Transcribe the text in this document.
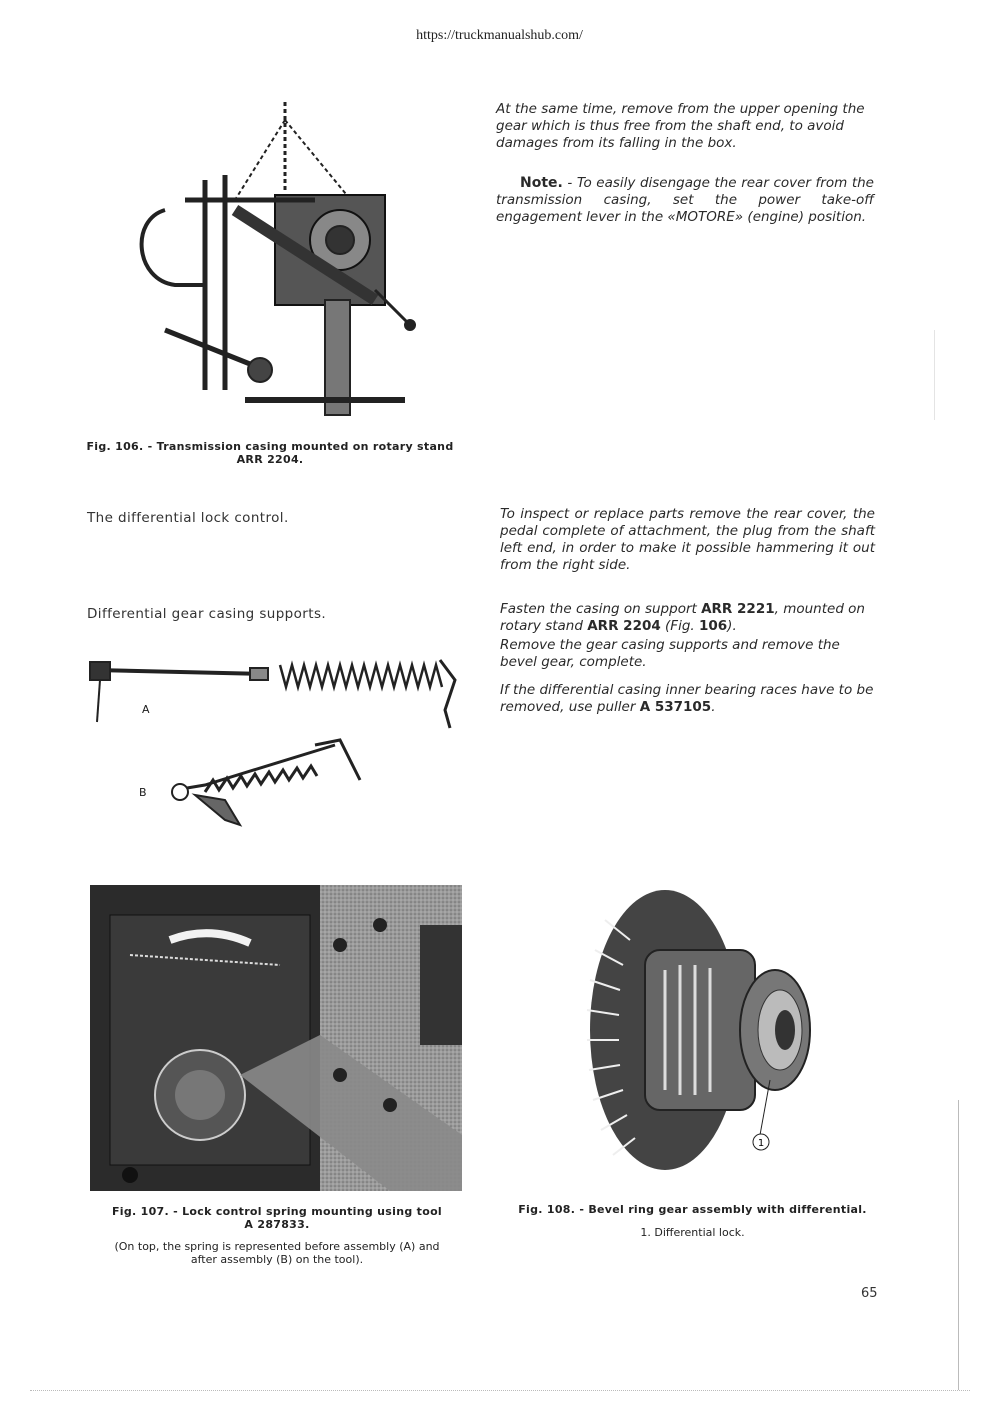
https://truckmanualshub.com/
Fig. 106. - Transmission casing mounted on rotary stand
ARR 2204.
At the same time, remove from the upper opening the gear which is thus free from the shaft end, to avoid damages from its falling in the box.
Note. - To easily disengage the rear cover from the transmission casing, set the power take-off engagement lever in the «MOTORE» (engine) position.
The differential lock control.	To inspect or replace parts remove the rear cover, the pedal complete of attachment, the plug from the shaft left end, in order to make it possible hammering it out from the right side.
Differential gear casing supports.	Fasten the casing on support ARR 2221, mounted on rotary stand ARR 2204 (Fig. 106).
Remove the gear casing supports and remove the bevel gear, complete.
If the differential casing inner bearing races have to be removed, use puller A 537105.
A
B
Fig. 107. - Lock control spring mounting using tool
A 287833.
(On top, the spring is represented before assembly (A) and
after assembly (B) on the tool).
1
Fig. 108. - Bevel ring gear assembly with differential.
1. Differential lock.
65
